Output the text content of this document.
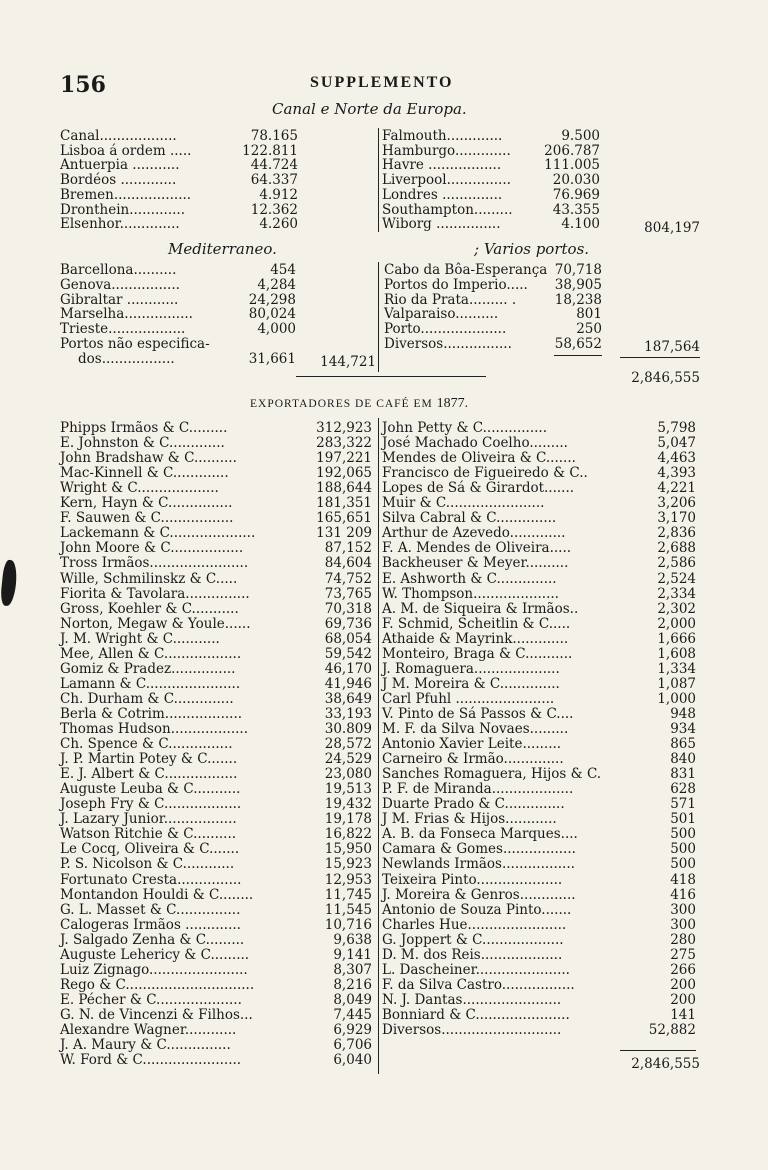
156	SUPPLEMENTO
Canal e Norte da Europa.
Canal..................	78.165
Lisboa á ordem .....	122.811
Antuerpia ...........	44.724
Bordéos .............	64.337
Bremen..................	4.912
Dronthein.............	12.362
Elsenhor..............	4.260
Falmouth.............	9.500
Hamburgo.............	206.787
Havre .................	111.005
Liverpool...............	20.030
Londres ..............	76.969
Southampton.........	43.355
Wiborg ...............	4.100	804,197
Mediterraneo.	; Varios portos.
Barcellona..........	454
Genova................	4,284
Gibraltar ............	24,298
Marselha................	80,024
Trieste..................	4,000
Portos não especifica-
dos.................	31,661	144,721
Cabo da Bôa-Esperança 70,718
Portos do Imperio.....	38,905
Rio da Prata......... .	18,238
Valparaiso..........	801
Porto....................	250
Diversos................	58,652	187,564
2,846,555
EXPORTADORES DE CAFÉ EM 1877.
Phipps Irmãos & C.........	312,923
E. Johnston & C.............	283,322
John Bradshaw & C..........	197,221
Mac-Kinnell & C.............	192,065
Wright & C...................	188,644
Kern, Hayn & C...............	181,351
F. Sauwen & C.................	165,651
Lackemann & C....................	131 209
John Moore & C.................	87,152
Tross Irmãos.......................	84,604
Wille, Schmilinskz & C.....	74,752
Fiorita & Tavolara...............	73,765
Gross, Koehler & C...........	70,318
Norton, Megaw & Youle......	69,736
J. M. Wright & C...........	68,054
Mee, Allen & C..................	59,542
Gomiz & Pradez...............	46,170
Lamann & C......................	41,946
Ch. Durham & C..............	38,649
Berla & Cotrim..................	33,193
Thomas Hudson..................	30.809
Ch. Spence & C...............	28,572
J. P. Martin Potey & C.......	24,529
E. J. Albert & C.................	23,080
Auguste Leuba & C...........	19,513
Joseph Fry & C..................	19,432
J. Lazary Junior.................	19,178
Watson Ritchie & C..........	16,822
Le Cocq, Oliveira & C.......	15,950
P. S. Nicolson & C............	15,923
Fortunato Cresta...............	12,953
Montandon Houldi & C........	11,745
G. L. Masset & C...............	11,545
Calogeras Irmãos .............	10,716
J. Salgado Zenha & C.........	9,638
Auguste Lehericy & C.........	9,141
Luiz Zignago.......................	8,307
Rego & C..............................	8,216
E. Pécher & C....................	8,049
G. N. de Vincenzi & Filhos...	7,445
Alexandre Wagner............	6,929
J. A. Maury & C...............	6,706
W. Ford & C.......................	6,040
John Petty & C...............	5,798
José Machado Coelho.........	5,047
Mendes de Oliveira & C.......	4,463
Francisco de Figueiredo & C..	4,393
Lopes de Sá & Girardot.......	4,221
Muir & C.......................	3,206
Silva Cabral & C..............	3,170
Arthur de Azevedo.............	2,836
F. A. Mendes de Oliveira.....	2,688
Backheuser & Meyer..........	2,586
E. Ashworth & C..............	2,524
W. Thompson....................	2,334
A. M. de Siqueira & Irmãos..	2,302
F. Schmid, Scheitlin & C.....	2,000
Athaide & Mayrink.............	1,666
Monteiro, Braga & C...........	1,608
J. Romaguera....................	1,334
J M. Moreira & C..............	1,087
Carl Pfuhl .......................	1,000
V. Pinto de Sá Passos & C....	948
M. F. da Silva Novaes.........	934
Antonio Xavier Leite.........	865
Carneiro & Irmão..............	840
Sanches Romaguera, Hijos & C.	831
P. F. de Miranda...................	628
Duarte Prado & C..............	571
J M. Frias & Hijos............	501
A. B. da Fonseca Marques....	500
Camara & Gomes.................	500
Newlands Irmãos.................	500
Teixeira Pinto....................	418
J. Moreira & Genros.............	416
Antonio de Souza Pinto.......	300
Charles Hue.......................	300
G. Joppert & C...................	280
D. M. dos Reis...................	275
L. Dascheiner......................	266
F. da Silva Castro.................	200
N. J. Dantas.......................	200
Bonniard & C......................	141
Diversos............................	52,882
2,846,555
